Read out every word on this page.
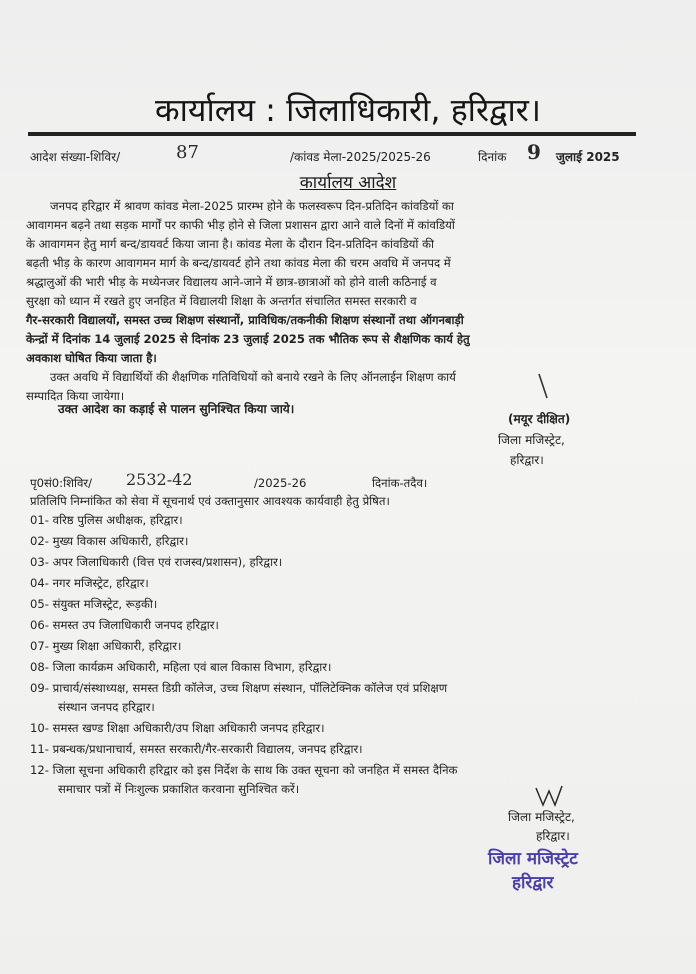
कार्यालय : जिलाधिकारी, हरिद्वार।
आदेश संख्या-शिविर/	87	/कांवड मेला-2025/2025-26	दिनांक 9 जुलाई 2025
कार्यालय आदेश
जनपद हरिद्वार में श्रावण कांवड मेला-2025 प्रारम्भ होने के फलस्वरूप दिन-प्रतिदिन कांवडियों का
आवागमन बढ़ने तथा सड़क मार्गों पर काफी भीड़ होने से जिला प्रशासन द्वारा आने वाले दिनों में कांवडियों
के आवागमन हेतु मार्ग बन्द/डायवर्ट किया जाना है। कांवड मेला के दौरान दिन-प्रतिदिन कांवडियों की
बढ़ती भीड़ के कारण आवागमन मार्ग के बन्द/डायवर्ट होने तथा कांवड मेला की चरम अवधि में जनपद में
श्रद्धालुओं की भारी भीड़ के मध्येनजर विद्यालय आने-जाने में छात्र-छात्राओं को होने वाली कठिनाई व
सुरक्षा को ध्यान में रखते हुए जनहित में विद्यालयी शिक्षा के अन्तर्गत संचालित समस्त सरकारी व
गैर-सरकारी विद्यालयों, समस्त उच्च शिक्षण संस्थानों, प्राविधिक/तकनीकी शिक्षण संस्थानों तथा ऑगनबाड़ी
केन्द्रों में दिनांक 14 जुलाई 2025 से दिनांक 23 जुलाई 2025 तक भौतिक रूप से शैक्षणिक कार्य हेतु
अवकाश घोषित किया जाता है।
उक्त अवधि में विद्यार्थियों की शैक्षणिक गतिविधियों को बनाये रखने के लिए ऑनलाईन शिक्षण कार्य
सम्पादित किया जायेगा।
उक्त आदेश का कड़ाई से पालन सुनिश्चित किया जाये।
(मयूर दीक्षित)
जिला मजिस्ट्रेट,
हरिद्वार।
पृ0सं0:शिविर/ 2532-42	/2025-26	दिनांक-तदैव।
प्रतिलिपि निम्नांकित को सेवा में सूचनार्थ एवं उक्तानुसार आवश्यक कार्यवाही हेतु प्रेषित।
01- वरिष्ठ पुलिस अधीक्षक, हरिद्वार।
02- मुख्य विकास अधिकारी, हरिद्वार।
03- अपर जिलाधिकारी (वित्त एवं राजस्व/प्रशासन), हरिद्वार।
04- नगर मजिस्ट्रेट, हरिद्वार।
05- संयुक्त मजिस्ट्रेट, रूड़की।
06- समस्त उप जिलाधिकारी जनपद हरिद्वार।
07- मुख्य शिक्षा अधिकारी, हरिद्वार।
08- जिला कार्यक्रम अधिकारी, महिला एवं बाल विकास विभाग, हरिद्वार।
09- प्राचार्य/संस्थाध्यक्ष, समस्त डिग्री कॉलेज, उच्च शिक्षण संस्थान, पॉलिटेक्निक कॉलेज एवं प्रशिक्षण
संस्थान जनपद हरिद्वार।
10- समस्त खण्ड शिक्षा अधिकारी/उप शिक्षा अधिकारी जनपद हरिद्वार।
11- प्रबन्धक/प्रधानाचार्य, समस्त सरकारी/गैर-सरकारी विद्यालय, जनपद हरिद्वार।
12- जिला सूचना अधिकारी हरिद्वार को इस निर्देश के साथ कि उक्त सूचना को जनहित में समस्त दैनिक
समाचार पत्रों में निःशुल्क प्रकाशित करवाना सुनिश्चित करें।
जिला मजिस्ट्रेट,
हरिद्वार।
जिला मजिस्ट्रेट
हरिद्वार
